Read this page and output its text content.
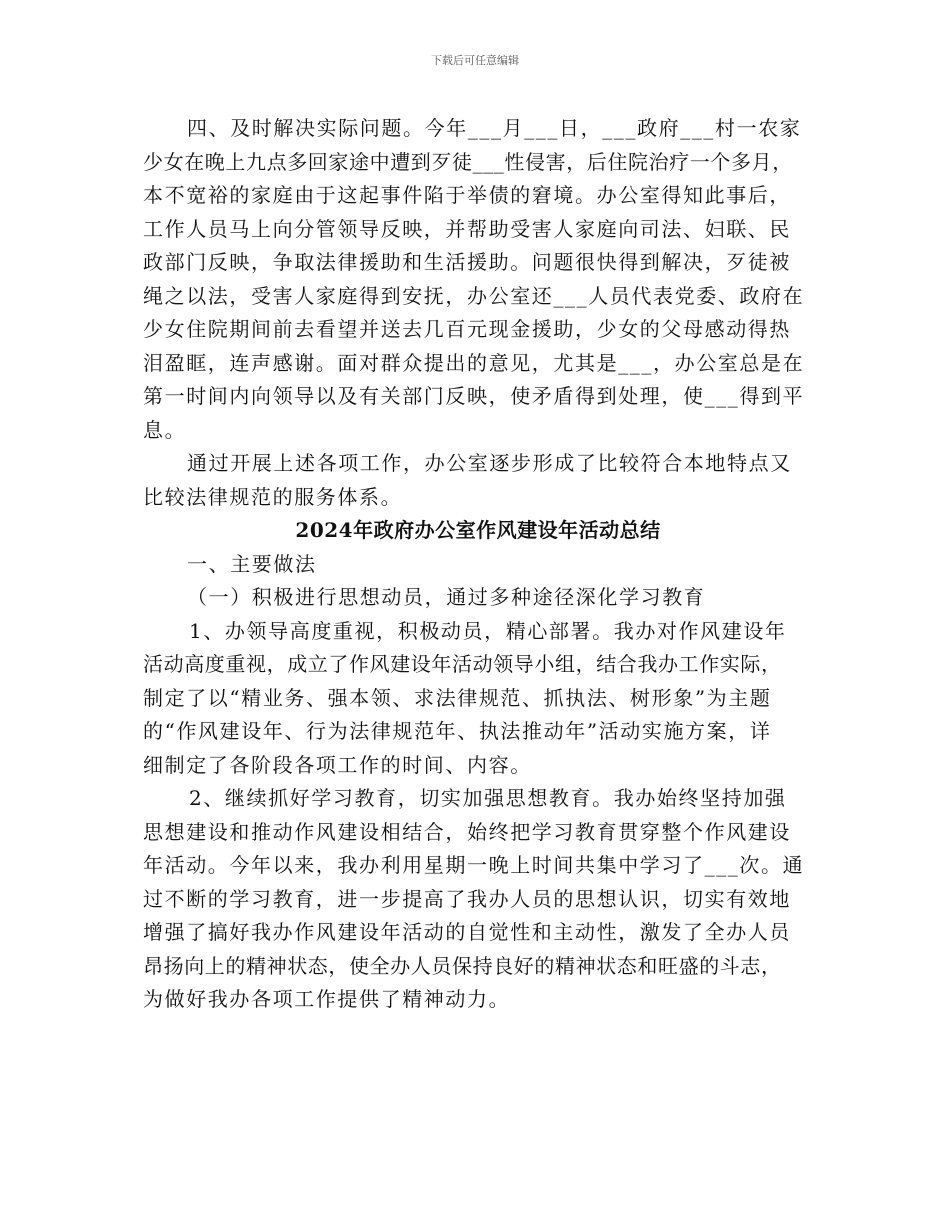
下载后可任意编辑
四、及时解决实际问题。今年___月___日，___政府___村一农家
少女在晚上九点多回家途中遭到歹徒___性侵害，后住院治疗一个多月，
本不宽裕的家庭由于这起事件陷于举债的窘境。办公室得知此事后，
工作人员马上向分管领导反映，并帮助受害人家庭向司法、妇联、民
政部门反映，争取法律援助和生活援助。问题很快得到解决，歹徒被
绳之以法，受害人家庭得到安抚，办公室还___人员代表党委、政府在
少女住院期间前去看望并送去几百元现金援助，少女的父母感动得热
泪盈眶，连声感谢。面对群众提出的意见，尤其是___，办公室总是在
第一时间内向领导以及有关部门反映，使矛盾得到处理，使___得到平
息。
通过开展上述各项工作，办公室逐步形成了比较符合本地特点又
比较法律规范的服务体系。
2024年政府办公室作风建设年活动总结
一、主要做法
（一）积极进行思想动员，通过多种途径深化学习教育
1、办领导高度重视，积极动员，精心部署。我办对作风建设年
活动高度重视，成立了作风建设年活动领导小组，结合我办工作实际，
制定了以“精业务、强本领、求法律规范、抓执法、树形象”为主题
的“作风建设年、行为法律规范年、执法推动年”活动实施方案，详
细制定了各阶段各项工作的时间、内容。
2、继续抓好学习教育，切实加强思想教育。我办始终坚持加强
思想建设和推动作风建设相结合，始终把学习教育贯穿整个作风建设
年活动。今年以来，我办利用星期一晚上时间共集中学习了___次。通
过不断的学习教育，进一步提高了我办人员的思想认识，切实有效地
增强了搞好我办作风建设年活动的自觉性和主动性，激发了全办人员
昂扬向上的精神状态，使全办人员保持良好的精神状态和旺盛的斗志，
为做好我办各项工作提供了精神动力。
